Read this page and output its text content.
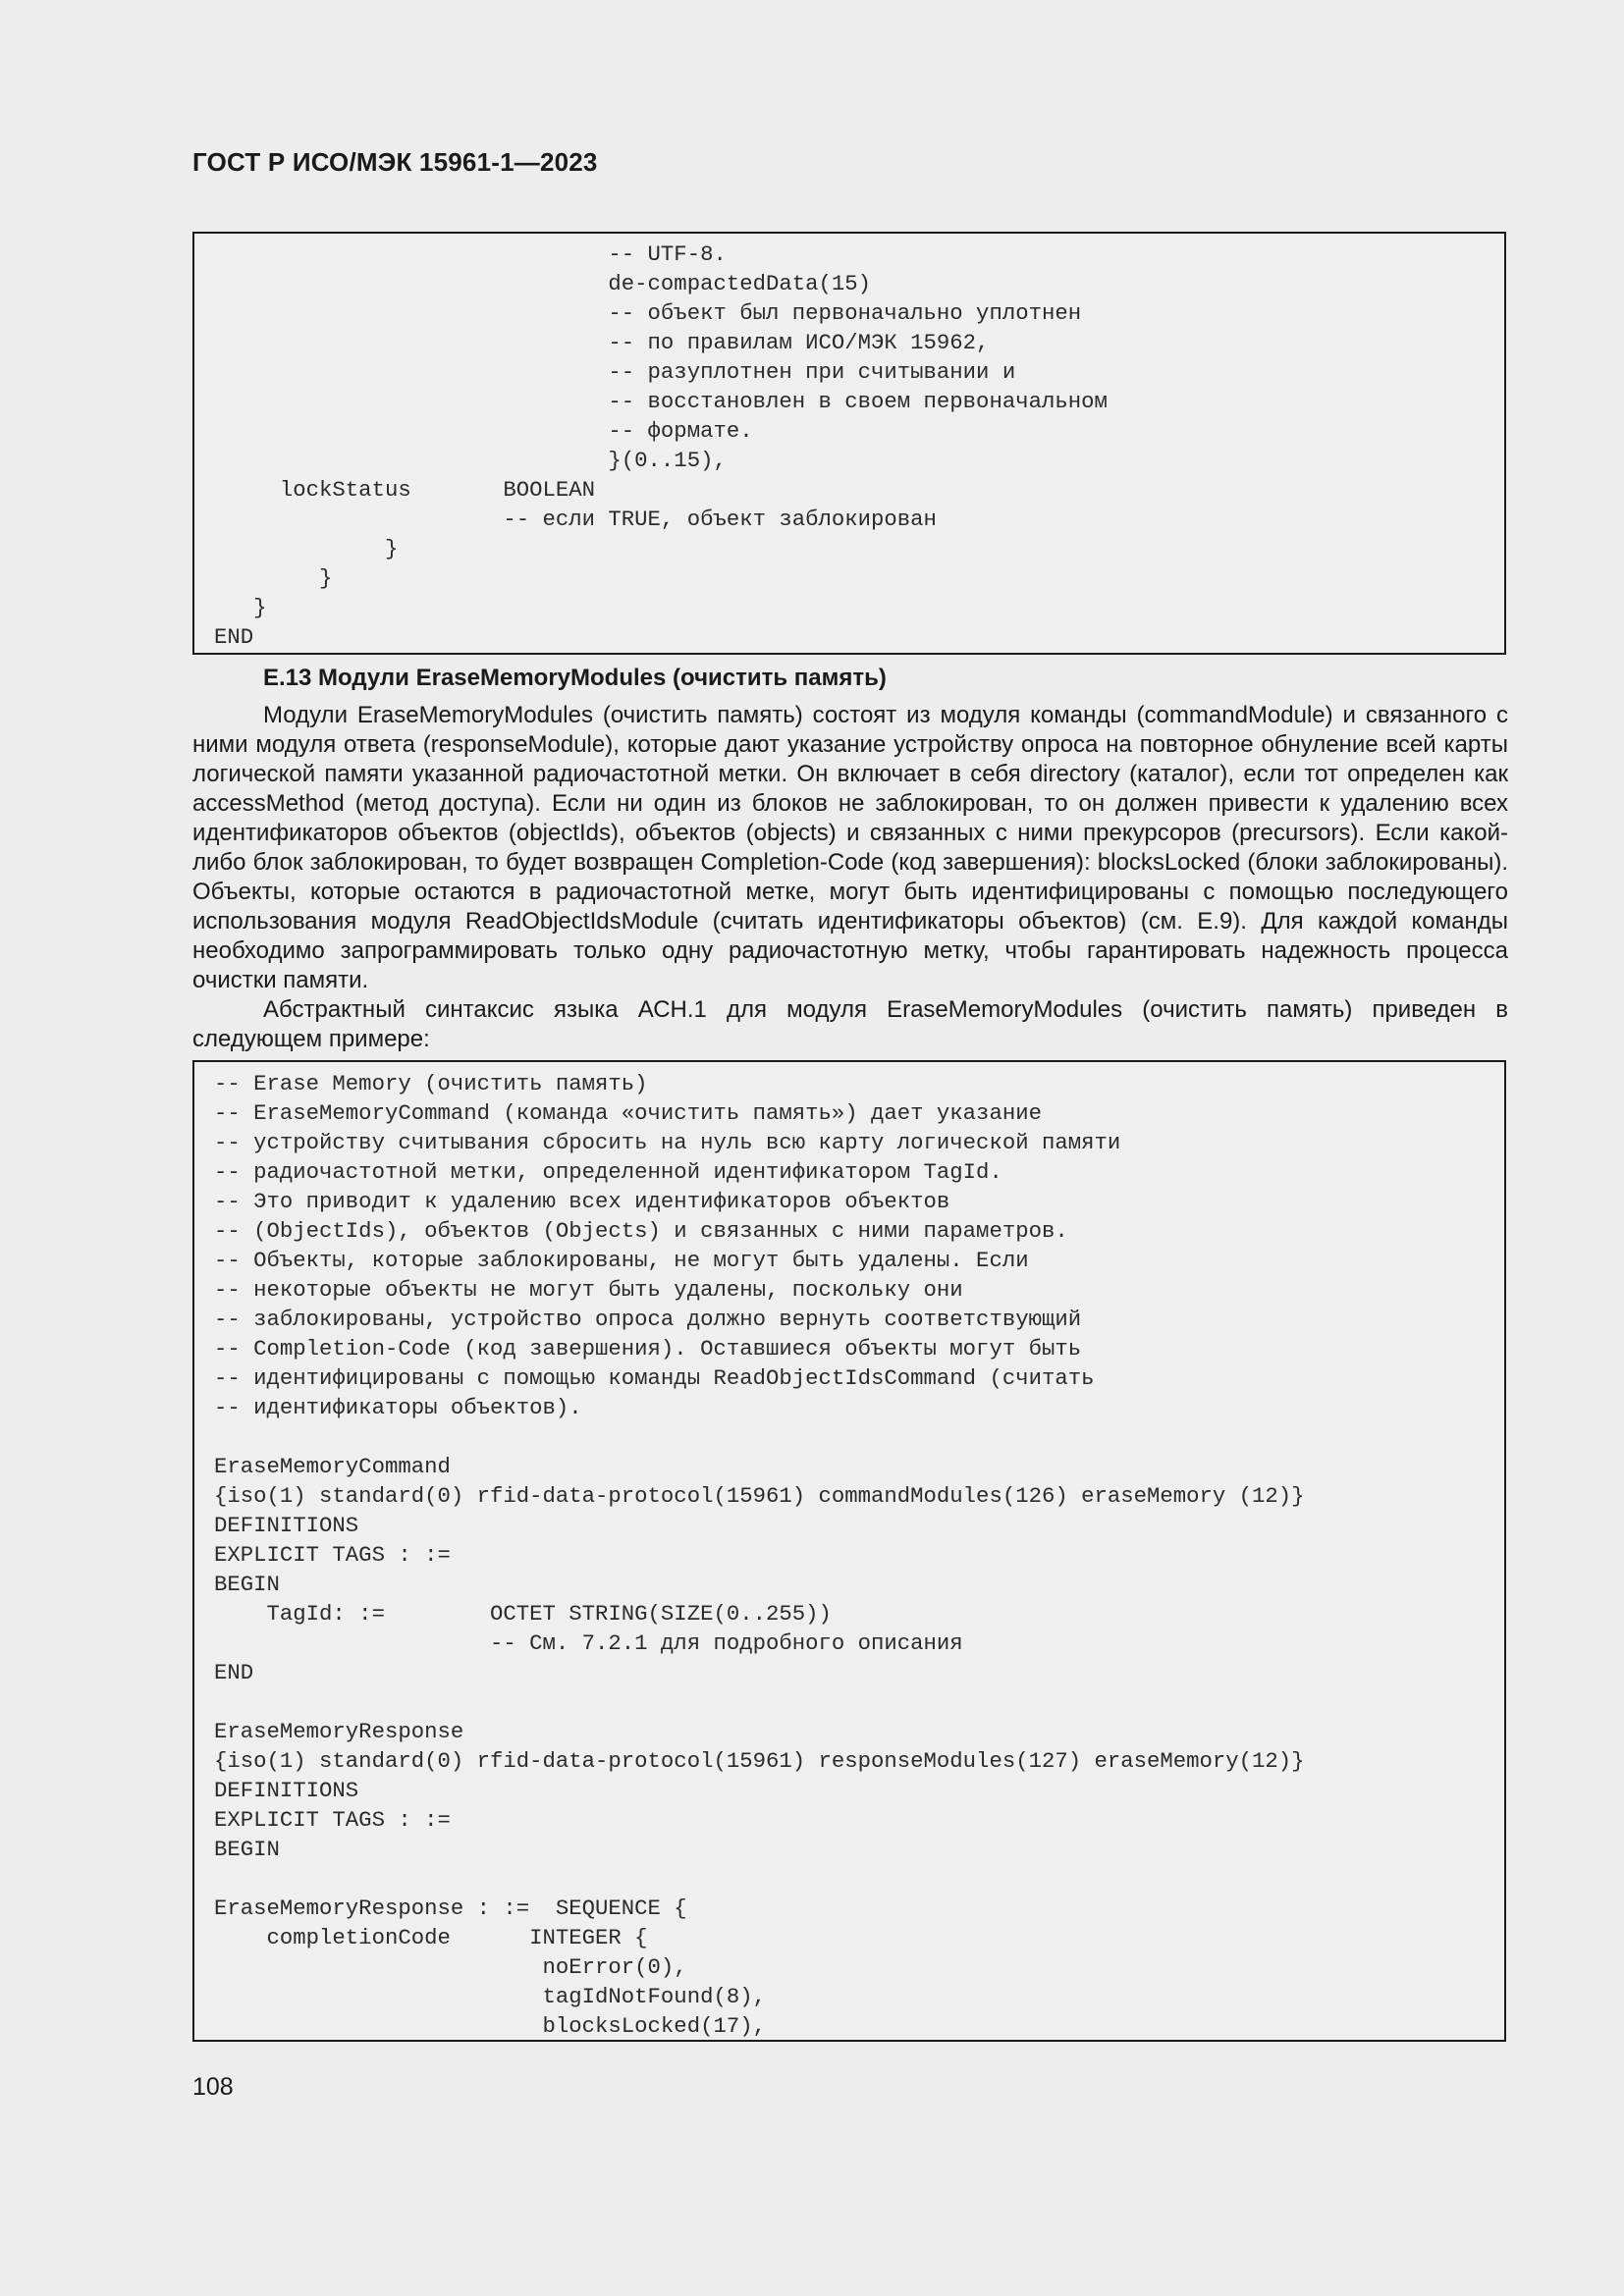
ГОСТ Р ИСО/МЭК 15961-1—2023
-- UTF-8.
de-compactedData(15)
-- объект был первоначально уплотнен
-- по правилам ИСО/МЭК 15962,
-- разуплотнен при считывании и
-- восстановлен в своем первоначальном
-- формате.
}(0..15),
lockStatus       BOOLEAN
-- если TRUE, объект заблокирован
}
}
}
END
Е.13 Модули EraseMemoryModules (очистить память)

Модули EraseMemoryModules (очистить память) состоят из модуля команды (commandModule) и связанного с ними модуля ответа (responseModule), которые дают указание устройству опроса на повторное обнуление всей карты логической памяти указанной радиочастотной метки. Он включает в себя directory (каталог), если тот определен как accessMethod (метод доступа). Если ни один из блоков не заблокирован, то он должен привести к удалению всех идентификаторов объектов (objectIds), объектов (objects) и связанных с ними прекурсоров (precursors). Если какой-либо блок заблокирован, то будет возвращен Completion-Code (код завершения): blocksLocked (блоки заблокированы). Объекты, которые остаются в радиочастотной метке, могут быть идентифицированы с помощью последующего использования модуля ReadObjectIdsModule (считать идентификаторы объектов) (см. Е.9). Для каждой команды необходимо запрограммировать только одну радиочастотную метку, чтобы гарантировать надежность процесса очистки памяти.

Абстрактный синтаксис языка АСН.1 для модуля EraseMemoryModules (очистить память) приведен в следующем примере:

-- Erase Memory (очистить память)
-- EraseMemoryCommand (команда «очистить память») дает указание
-- устройству считывания сбросить на нуль всю карту логической памяти
-- радиочастотной метки, определенной идентификатором TagId.
-- Это приводит к удалению всех идентификаторов объектов
-- (ObjectIds), объектов (Objects) и связанных с ними параметров.
-- Объекты, которые заблокированы, не могут быть удалены. Если
-- некоторые объекты не могут быть удалены, поскольку они
-- заблокированы, устройство опроса должно вернуть соответствующий
-- Completion-Code (код завершения). Оставшиеся объекты могут быть
-- идентифицированы с помощью команды ReadObjectIdsCommand (считать
-- идентификаторы объектов).

EraseMemoryCommand
{iso(1) standard(0) rfid-data-protocol(15961) commandModules(126) eraseMemory (12)}
DEFINITIONS
EXPLICIT TAGS : :=
BEGIN
TagId: :=        OCTET STRING(SIZE(0..255))
-- См. 7.2.1 для подробного описания
END

EraseMemoryResponse
{iso(1) standard(0) rfid-data-protocol(15961) responseModules(127) eraseMemory(12)}
DEFINITIONS
EXPLICIT TAGS : :=
BEGIN

EraseMemoryResponse : :=  SEQUENCE {
completionCode      INTEGER {
noError(0),
tagIdNotFound(8),
blocksLocked(17),
108
